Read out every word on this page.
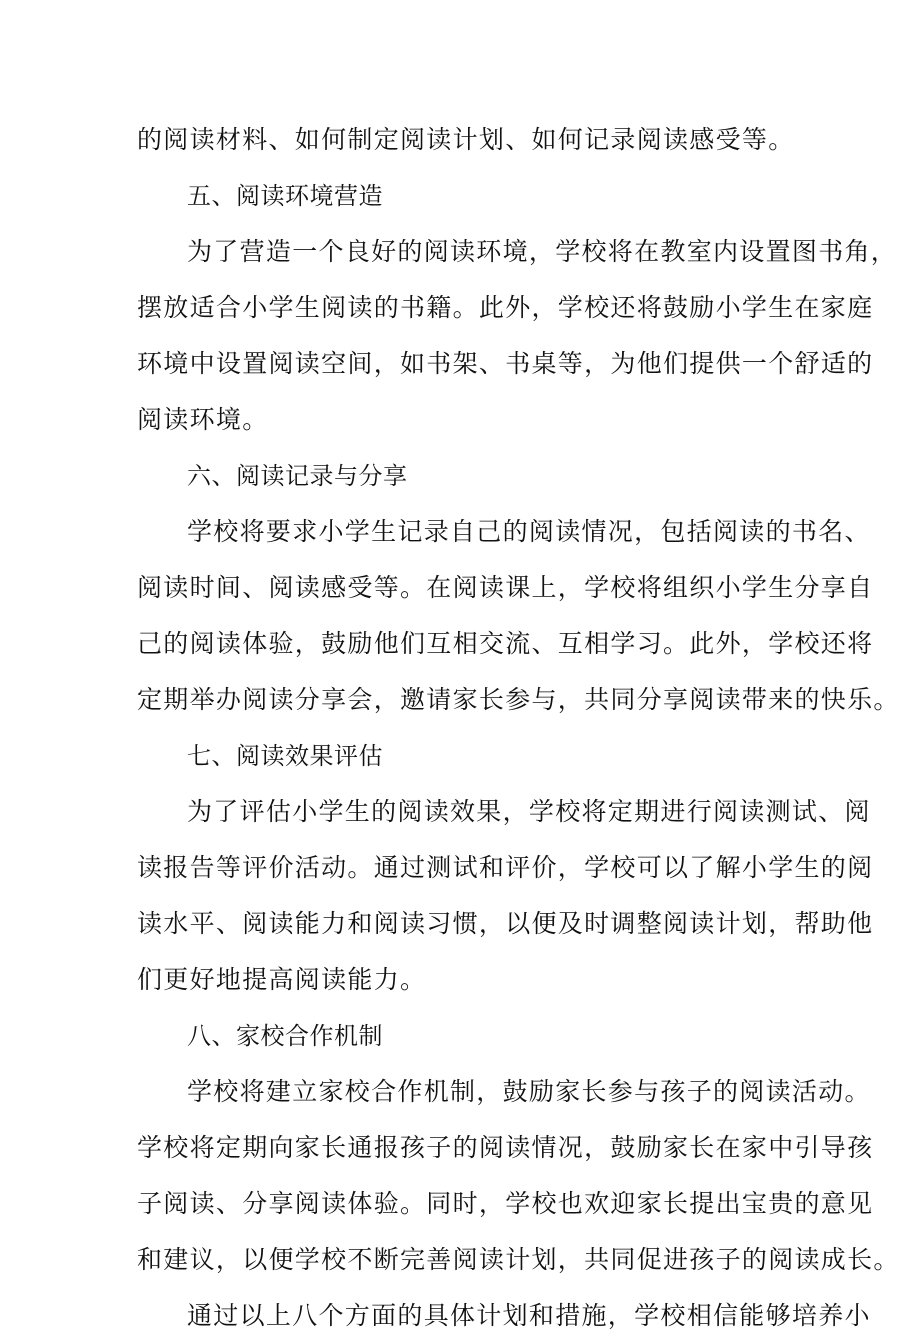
的阅读材料、如何制定阅读计划、如何记录阅读感受等。
五、阅读环境营造
为了营造一个良好的阅读环境，学校将在教室内设置图书角，
摆放适合小学生阅读的书籍。此外，学校还将鼓励小学生在家庭
环境中设置阅读空间，如书架、书桌等，为他们提供一个舒适的
阅读环境。
六、阅读记录与分享
学校将要求小学生记录自己的阅读情况，包括阅读的书名、
阅读时间、阅读感受等。在阅读课上，学校将组织小学生分享自
己的阅读体验，鼓励他们互相交流、互相学习。此外，学校还将
定期举办阅读分享会，邀请家长参与，共同分享阅读带来的快乐。
七、阅读效果评估
为了评估小学生的阅读效果，学校将定期进行阅读测试、阅
读报告等评价活动。通过测试和评价，学校可以了解小学生的阅
读水平、阅读能力和阅读习惯，以便及时调整阅读计划，帮助他
们更好地提高阅读能力。
八、家校合作机制
学校将建立家校合作机制，鼓励家长参与孩子的阅读活动。
学校将定期向家长通报孩子的阅读情况，鼓励家长在家中引导孩
子阅读、分享阅读体验。同时，学校也欢迎家长提出宝贵的意见
和建议，以便学校不断完善阅读计划，共同促进孩子的阅读成长。
通过以上八个方面的具体计划和措施，学校相信能够培养小
